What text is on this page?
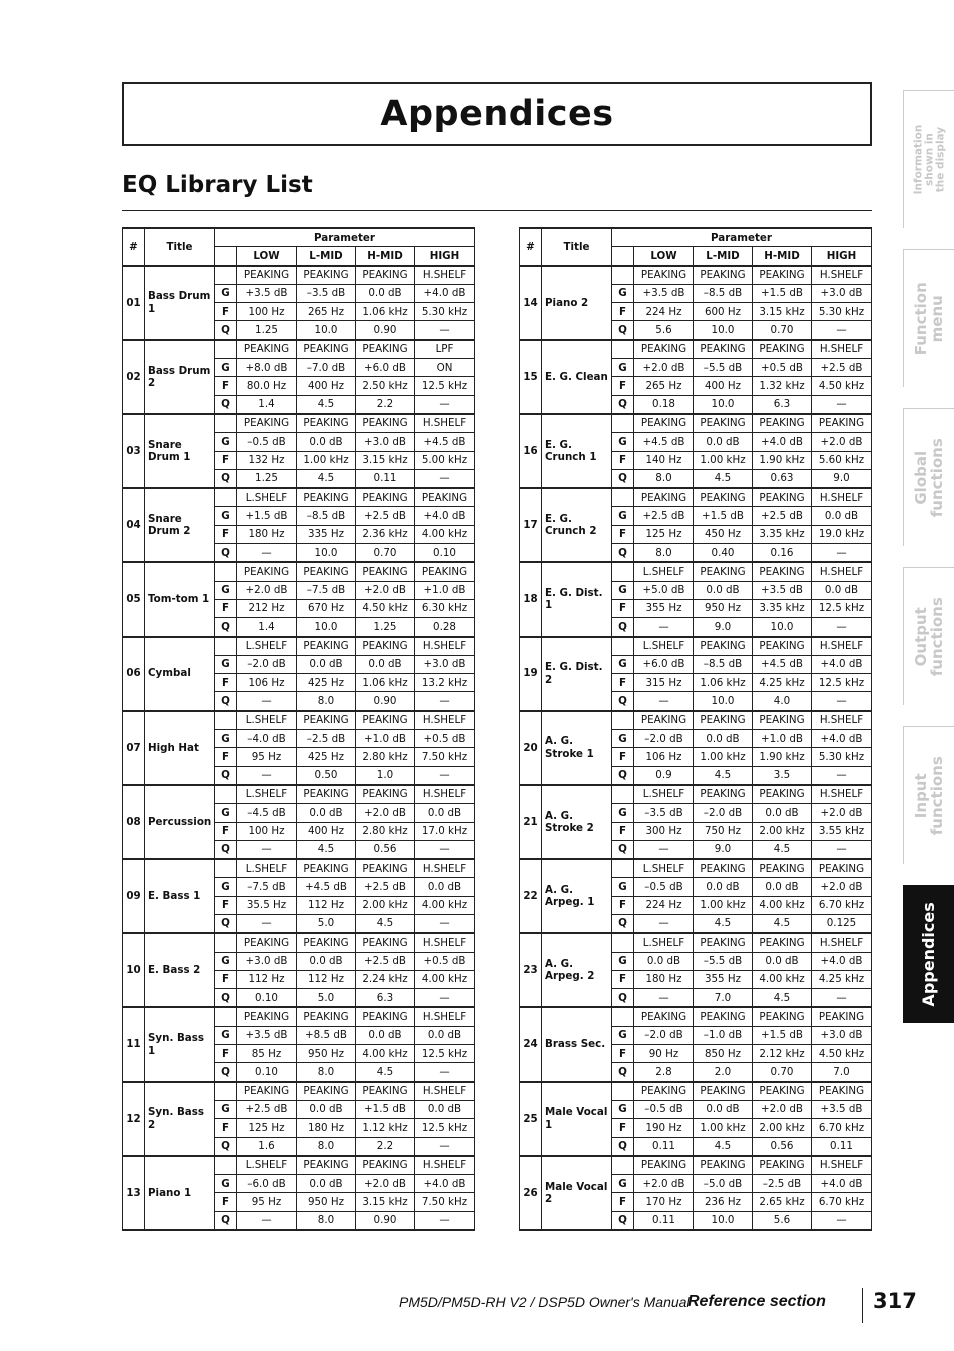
Appendices
EQ Library List
#	Title	Parameter				
			LOW	L-MID	H-MID	HIGH
01	Bass Drum 1		PEAKING	PEAKING	PEAKING	H.SHELF
		G	+3.5 dB	–3.5 dB	0.0 dB	+4.0 dB
		F	100 Hz	265 Hz	1.06 kHz	5.30 kHz
		Q	1.25	10.0	0.90	—
02	Bass Drum 2		PEAKING	PEAKING	PEAKING	LPF
		G	+8.0 dB	–7.0 dB	+6.0 dB	ON
		F	80.0 Hz	400 Hz	2.50 kHz	12.5 kHz
		Q	1.4	4.5	2.2	—
03	Snare Drum 1		PEAKING	PEAKING	PEAKING	H.SHELF
		G	–0.5 dB	0.0 dB	+3.0 dB	+4.5 dB
		F	132 Hz	1.00 kHz	3.15 kHz	5.00 kHz
		Q	1.25	4.5	0.11	—
04	Snare Drum 2		L.SHELF	PEAKING	PEAKING	PEAKING
		G	+1.5 dB	–8.5 dB	+2.5 dB	+4.0 dB
		F	180 Hz	335 Hz	2.36 kHz	4.00 kHz
		Q	—	10.0	0.70	0.10
05	Tom-tom 1		PEAKING	PEAKING	PEAKING	PEAKING
		G	+2.0 dB	–7.5 dB	+2.0 dB	+1.0 dB
		F	212 Hz	670 Hz	4.50 kHz	6.30 kHz
		Q	1.4	10.0	1.25	0.28
06	Cymbal		L.SHELF	PEAKING	PEAKING	H.SHELF
		G	–2.0 dB	0.0 dB	0.0 dB	+3.0 dB
		F	106 Hz	425 Hz	1.06 kHz	13.2 kHz
		Q	—	8.0	0.90	—
07	High Hat		L.SHELF	PEAKING	PEAKING	H.SHELF
		G	–4.0 dB	–2.5 dB	+1.0 dB	+0.5 dB
		F	95 Hz	425 Hz	2.80 kHz	7.50 kHz
		Q	—	0.50	1.0	—
08	Percussion		L.SHELF	PEAKING	PEAKING	H.SHELF
		G	–4.5 dB	0.0 dB	+2.0 dB	0.0 dB
		F	100 Hz	400 Hz	2.80 kHz	17.0 kHz
		Q	—	4.5	0.56	—
09	E. Bass 1		L.SHELF	PEAKING	PEAKING	H.SHELF
		G	–7.5 dB	+4.5 dB	+2.5 dB	0.0 dB
		F	35.5 Hz	112 Hz	2.00 kHz	4.00 kHz
		Q	—	5.0	4.5	—
10	E. Bass 2		PEAKING	PEAKING	PEAKING	H.SHELF
		G	+3.0 dB	0.0 dB	+2.5 dB	+0.5 dB
		F	112 Hz	112 Hz	2.24 kHz	4.00 kHz
		Q	0.10	5.0	6.3	—
11	Syn. Bass 1		PEAKING	PEAKING	PEAKING	H.SHELF
		G	+3.5 dB	+8.5 dB	0.0 dB	0.0 dB
		F	85 Hz	950 Hz	4.00 kHz	12.5 kHz
		Q	0.10	8.0	4.5	—
12	Syn. Bass 2		PEAKING	PEAKING	PEAKING	H.SHELF
		G	+2.5 dB	0.0 dB	+1.5 dB	0.0 dB
		F	125 Hz	180 Hz	1.12 kHz	12.5 kHz
		Q	1.6	8.0	2.2	—
13	Piano 1		L.SHELF	PEAKING	PEAKING	H.SHELF
		G	–6.0 dB	0.0 dB	+2.0 dB	+4.0 dB
		F	95 Hz	950 Hz	3.15 kHz	7.50 kHz
		Q	—	8.0	0.90	—
#	Title	Parameter				
			LOW	L-MID	H-MID	HIGH
14	Piano 2		PEAKING	PEAKING	PEAKING	H.SHELF
		G	+3.5 dB	–8.5 dB	+1.5 dB	+3.0 dB
		F	224 Hz	600 Hz	3.15 kHz	5.30 kHz
		Q	5.6	10.0	0.70	—
15	E. G. Clean		PEAKING	PEAKING	PEAKING	H.SHELF
		G	+2.0 dB	–5.5 dB	+0.5 dB	+2.5 dB
		F	265 Hz	400 Hz	1.32 kHz	4.50 kHz
		Q	0.18	10.0	6.3	—
16	E. G. Crunch 1		PEAKING	PEAKING	PEAKING	PEAKING
		G	+4.5 dB	0.0 dB	+4.0 dB	+2.0 dB
		F	140 Hz	1.00 kHz	1.90 kHz	5.60 kHz
		Q	8.0	4.5	0.63	9.0
17	E. G. Crunch 2		PEAKING	PEAKING	PEAKING	H.SHELF
		G	+2.5 dB	+1.5 dB	+2.5 dB	0.0 dB
		F	125 Hz	450 Hz	3.35 kHz	19.0 kHz
		Q	8.0	0.40	0.16	—
18	E. G. Dist. 1		L.SHELF	PEAKING	PEAKING	H.SHELF
		G	+5.0 dB	0.0 dB	+3.5 dB	0.0 dB
		F	355 Hz	950 Hz	3.35 kHz	12.5 kHz
		Q	—	9.0	10.0	—
19	E. G. Dist. 2		L.SHELF	PEAKING	PEAKING	H.SHELF
		G	+6.0 dB	–8.5 dB	+4.5 dB	+4.0 dB
		F	315 Hz	1.06 kHz	4.25 kHz	12.5 kHz
		Q	—	10.0	4.0	—
20	A. G. Stroke 1		PEAKING	PEAKING	PEAKING	H.SHELF
		G	–2.0 dB	0.0 dB	+1.0 dB	+4.0 dB
		F	106 Hz	1.00 kHz	1.90 kHz	5.30 kHz
		Q	0.9	4.5	3.5	—
21	A. G. Stroke 2		L.SHELF	PEAKING	PEAKING	H.SHELF
		G	–3.5 dB	–2.0 dB	0.0 dB	+2.0 dB
		F	300 Hz	750 Hz	2.00 kHz	3.55 kHz
		Q	—	9.0	4.5	—
22	A. G. Arpeg. 1		L.SHELF	PEAKING	PEAKING	PEAKING
		G	–0.5 dB	0.0 dB	0.0 dB	+2.0 dB
		F	224 Hz	1.00 kHz	4.00 kHz	6.70 kHz
		Q	—	4.5	4.5	0.125
23	A. G. Arpeg. 2		L.SHELF	PEAKING	PEAKING	H.SHELF
		G	0.0 dB	–5.5 dB	0.0 dB	+4.0 dB
		F	180 Hz	355 Hz	4.00 kHz	4.25 kHz
		Q	—	7.0	4.5	—
24	Brass Sec.		PEAKING	PEAKING	PEAKING	PEAKING
		G	–2.0 dB	–1.0 dB	+1.5 dB	+3.0 dB
		F	90 Hz	850 Hz	2.12 kHz	4.50 kHz
		Q	2.8	2.0	0.70	7.0
25	Male Vocal 1		PEAKING	PEAKING	PEAKING	PEAKING
		G	–0.5 dB	0.0 dB	+2.0 dB	+3.5 dB
		F	190 Hz	1.00 kHz	2.00 kHz	6.70 kHz
		Q	0.11	4.5	0.56	0.11
26	Male Vocal 2		PEAKING	PEAKING	PEAKING	H.SHELF
		G	+2.0 dB	–5.0 dB	–2.5 dB	+4.0 dB
		F	170 Hz	236 Hz	2.65 kHz	6.70 kHz
		Q	0.11	10.0	5.6	—
Information shown in the display
Function menu
Global functions
Output functions
Input functions
Appendices
PM5D/PM5D-RH V2 / DSP5D Owner's Manual
Reference section 317
